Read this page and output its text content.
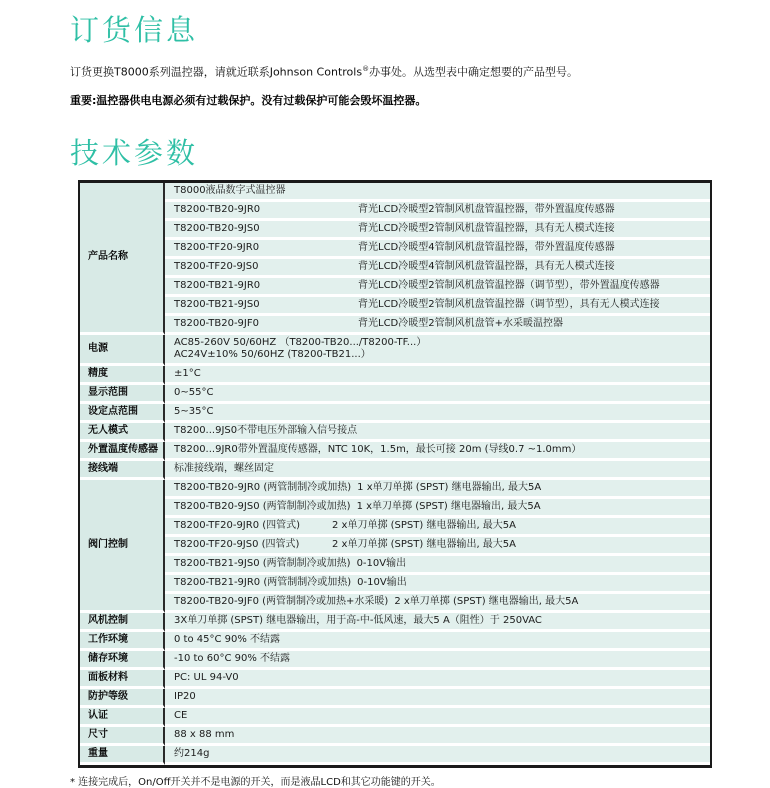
订货信息

订货更换T8000系列温控器，请就近联系Johnson Controls®办事处。从选型表中确定想要的产品型号。

重要:温控器供电电源必须有过载保护。没有过载保护可能会毁坏温控器。

技术参数
产品名称	T8000液晶数字式温控器
	T8200-TB20-9JR0 背光LCD冷暖型2管制风机盘管温控器，带外置温度传感器
	T8200-TB20-9JS0 背光LCD冷暖型2管制风机盘管温控器，具有无人模式连接
	T8200-TF20-9JR0 背光LCD冷暖型4管制风机盘管温控器，带外置温度传感器
	T8200-TF20-9JS0 背光LCD冷暖型4管制风机盘管温控器，具有无人模式连接
	T8200-TB21-9JR0 背光LCD冷暖型2管制风机盘管温控器（调节型），带外置温度传感器
	T8200-TB21-9JS0 背光LCD冷暖型2管制风机盘管温控器（调节型），具有无人模式连接
	T8200-TB20-9JF0 背光LCD冷暖型2管制风机盘管+水采暖温控器
电源	AC85-260V 50/60HZ （T8200-TB20.../T8200-TF...）
AC24V±10% 50/60HZ (T8200-TB21...）
精度	±1°C
显示范围	0~55°C
设定点范围	5~35°C
无人模式	T8200...9JS0不带电压外部输入信号接点
外置温度传感器	T8200...9JR0带外置温度传感器，NTC 10K，1.5m，最长可接 20m (导线0.7 ~1.0mm）
接线端	标准接线端，螺丝固定
阀门控制	T8200-TB20-9JR0 (两管制制冷或加热) 1 x单刀单掷 (SPST) 继电器输出, 最大5A
	T8200-TB20-9JS0 (两管制制冷或加热) 1 x单刀单掷 (SPST) 继电器输出, 最大5A
	T8200-TF20-9JR0 (四管式) 2 x单刀单掷 (SPST) 继电器输出, 最大5A
	T8200-TF20-9JS0 (四管式) 2 x单刀单掷 (SPST) 继电器输出, 最大5A
	T8200-TB21-9JS0 (两管制制冷或加热) 0-10V输出
	T8200-TB21-9JR0 (两管制制冷或加热) 0-10V输出
	T8200-TB20-9JF0 (两管制制冷或加热+水采暖) 2 x单刀单掷 (SPST) 继电器输出, 最大5A
风机控制	3X单刀单掷 (SPST) 继电器输出，用于高-中-低风速，最大5 A（阻性）于 250VAC
工作环境	0 to 45°C 90% 不结露
储存环境	-10 to 60°C 90% 不结露
面板材料	PC: UL 94-V0
防护等级	IP20
认证	CE
尺寸	88 x 88 mm
重量	约214g

* 连接完成后，On/Off开关并不是电源的开关，而是液晶LCD和其它功能键的开关。
